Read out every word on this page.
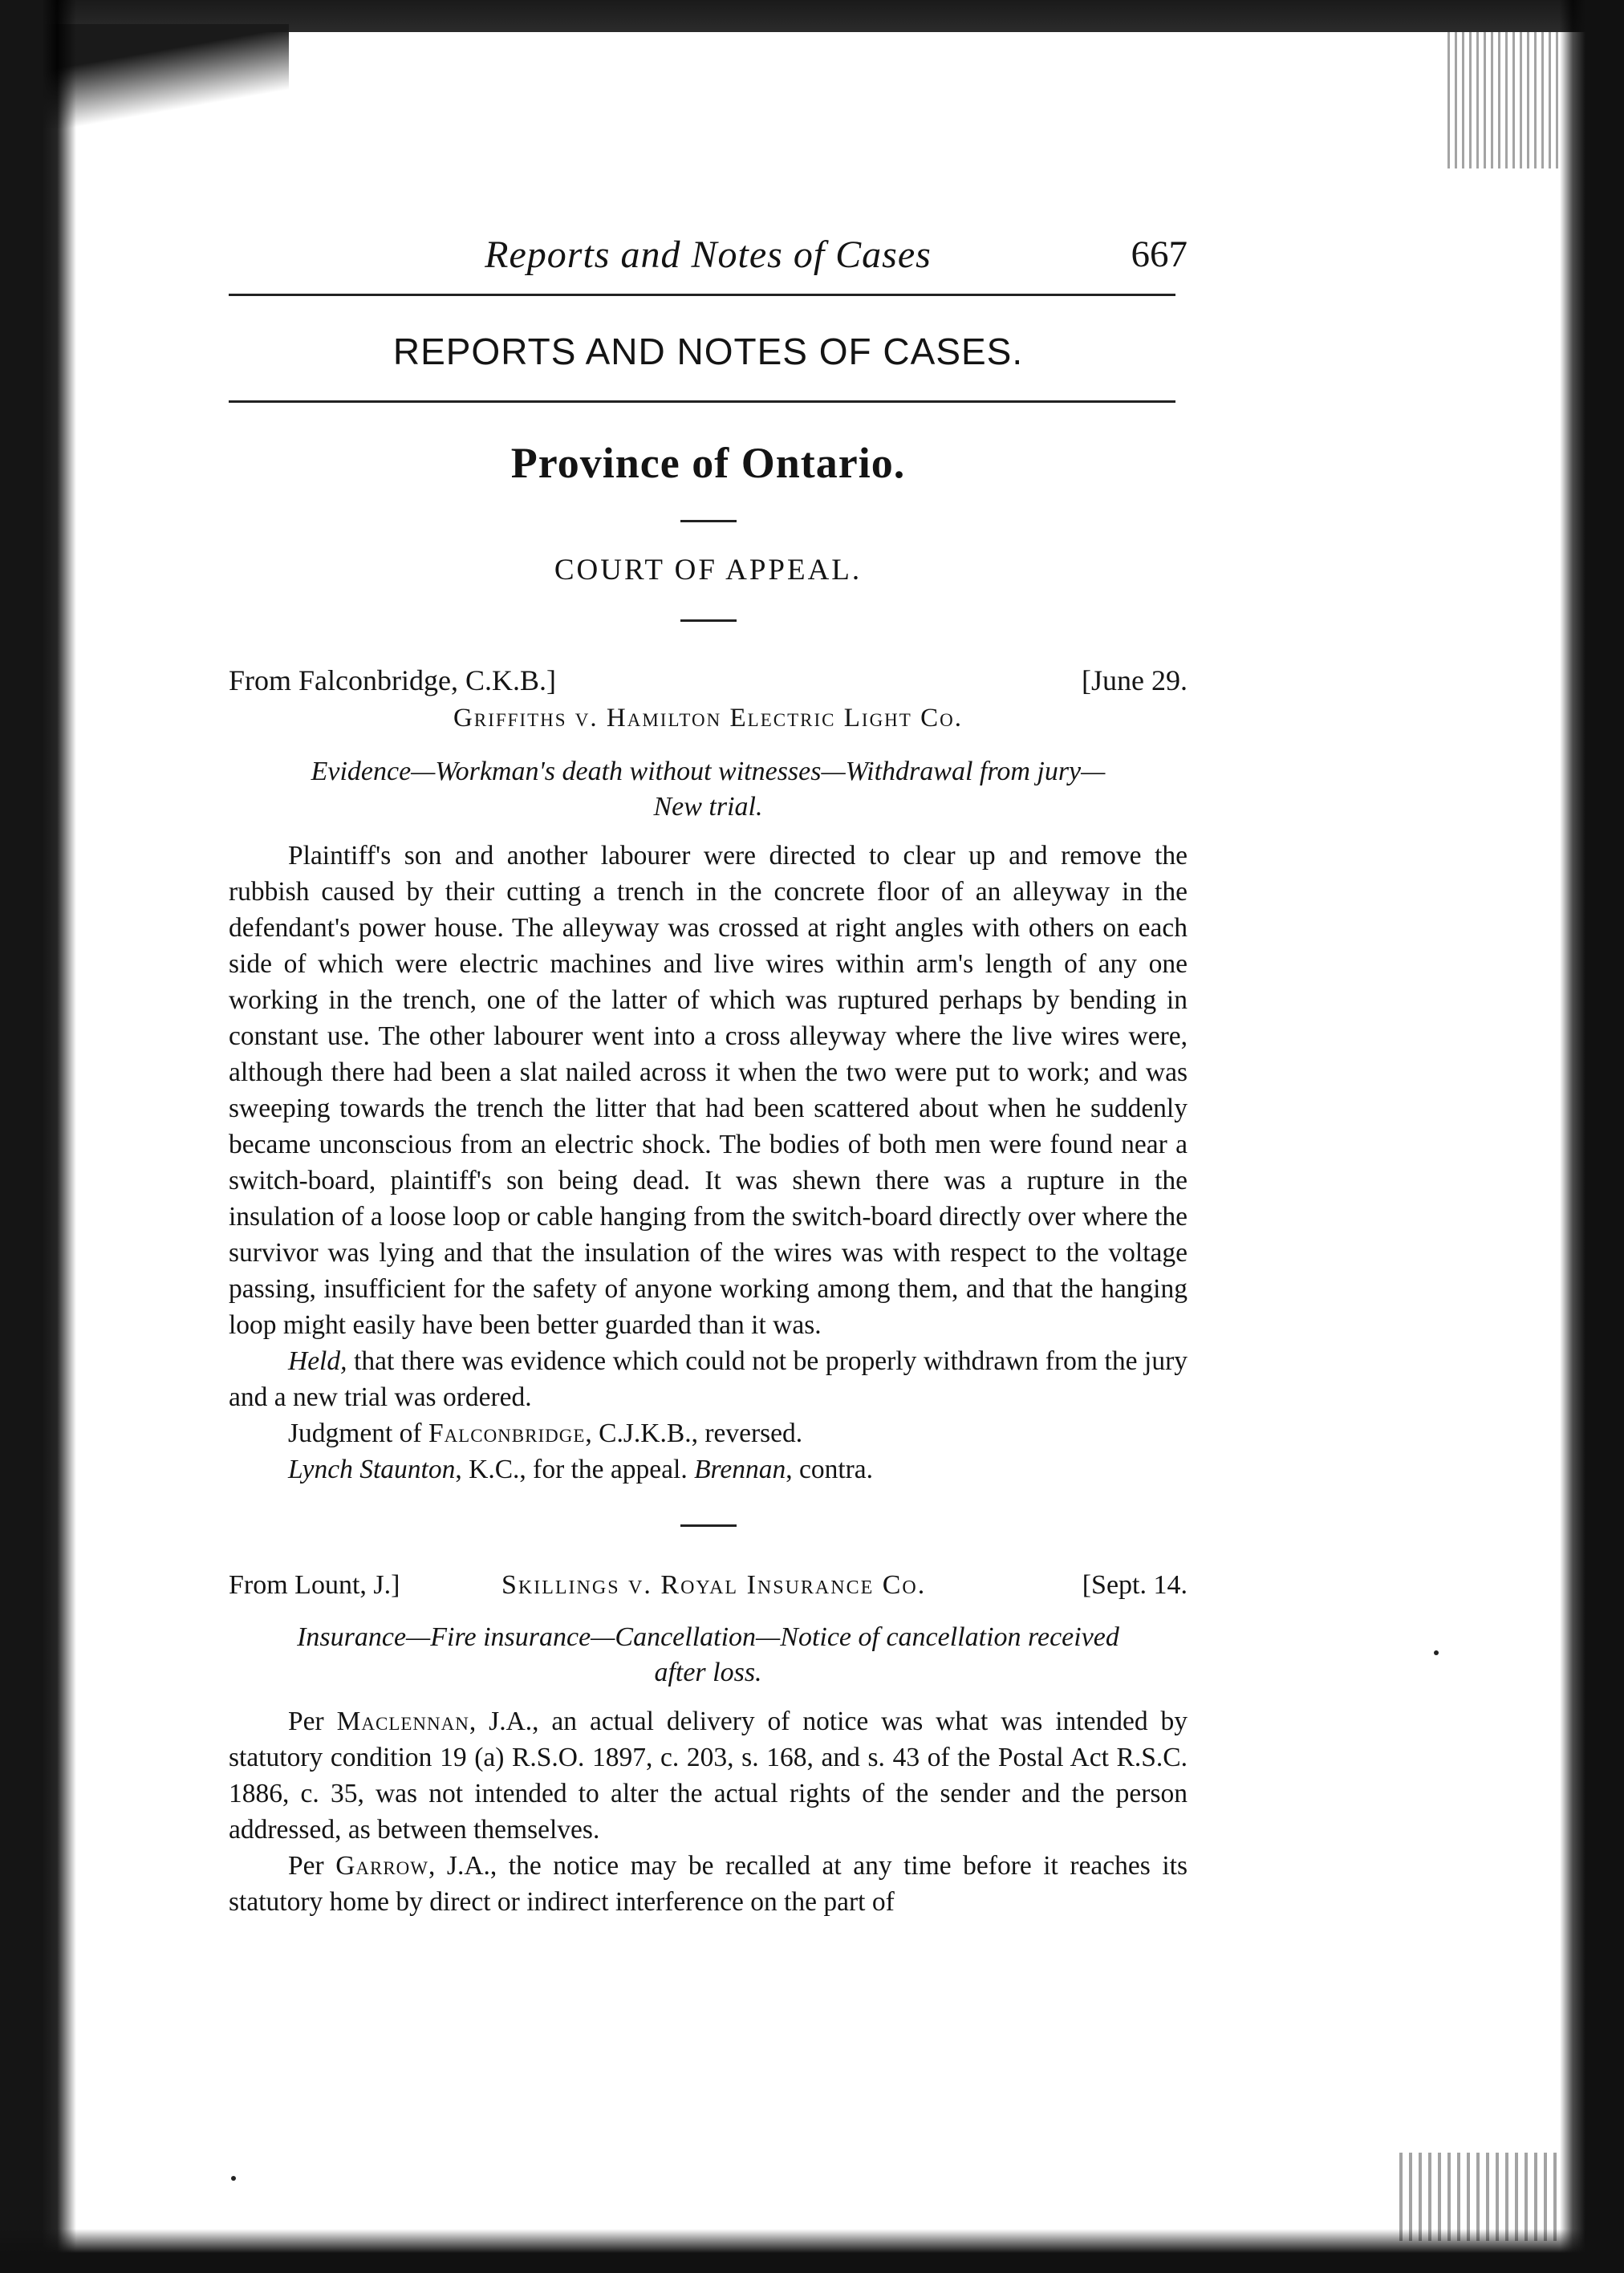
Reports and Notes of Cases	667
REPORTS AND NOTES OF CASES.
Province of Ontario.
COURT OF APPEAL.
From Falconbridge, C.K.B.]	[June 29.
Griffiths v. Hamilton Electric Light Co.
Evidence—Workman's death without witnesses—Withdrawal from jury—
New trial.

Plaintiff's son and another labourer were directed to clear up and remove the rubbish caused by their cutting a trench in the concrete floor of an alleyway in the defendant's power house. The alleyway was crossed at right angles with others on each side of which were electric machines and live wires within arm's length of any one working in the trench, one of the latter of which was ruptured perhaps by bending in constant use. The other labourer went into a cross alleyway where the live wires were, although there had been a slat nailed across it when the two were put to work; and was sweeping towards the trench the litter that had been scattered about when he suddenly became unconscious from an electric shock. The bodies of both men were found near a switch-board, plaintiff's son being dead. It was shewn there was a rupture in the insulation of a loose loop or cable hanging from the switch-board directly over where the survivor was lying and that the insulation of the wires was with respect to the voltage passing, insufficient for the safety of anyone working among them, and that the hanging loop might easily have been better guarded than it was.

Held, that there was evidence which could not be properly withdrawn from the jury and a new trial was ordered.

Judgment of Falconbridge, C.J.K.B., reversed.

Lynch Staunton, K.C., for the appeal. Brennan, contra.

From Lount, J.]	Skillings v. Royal Insurance Co.	[Sept. 14.
Insurance—Fire insurance—Cancellation—Notice of cancellation received
after loss.

Per Maclennan, J.A., an actual delivery of notice was what was intended by statutory condition 19 (a) R.S.O. 1897, c. 203, s. 168, and s. 43 of the Postal Act R.S.C. 1886, c. 35, was not intended to alter the actual rights of the sender and the person addressed, as between themselves.

Per Garrow, J.A., the notice may be recalled at any time before it reaches its statutory home by direct or indirect interference on the part of
